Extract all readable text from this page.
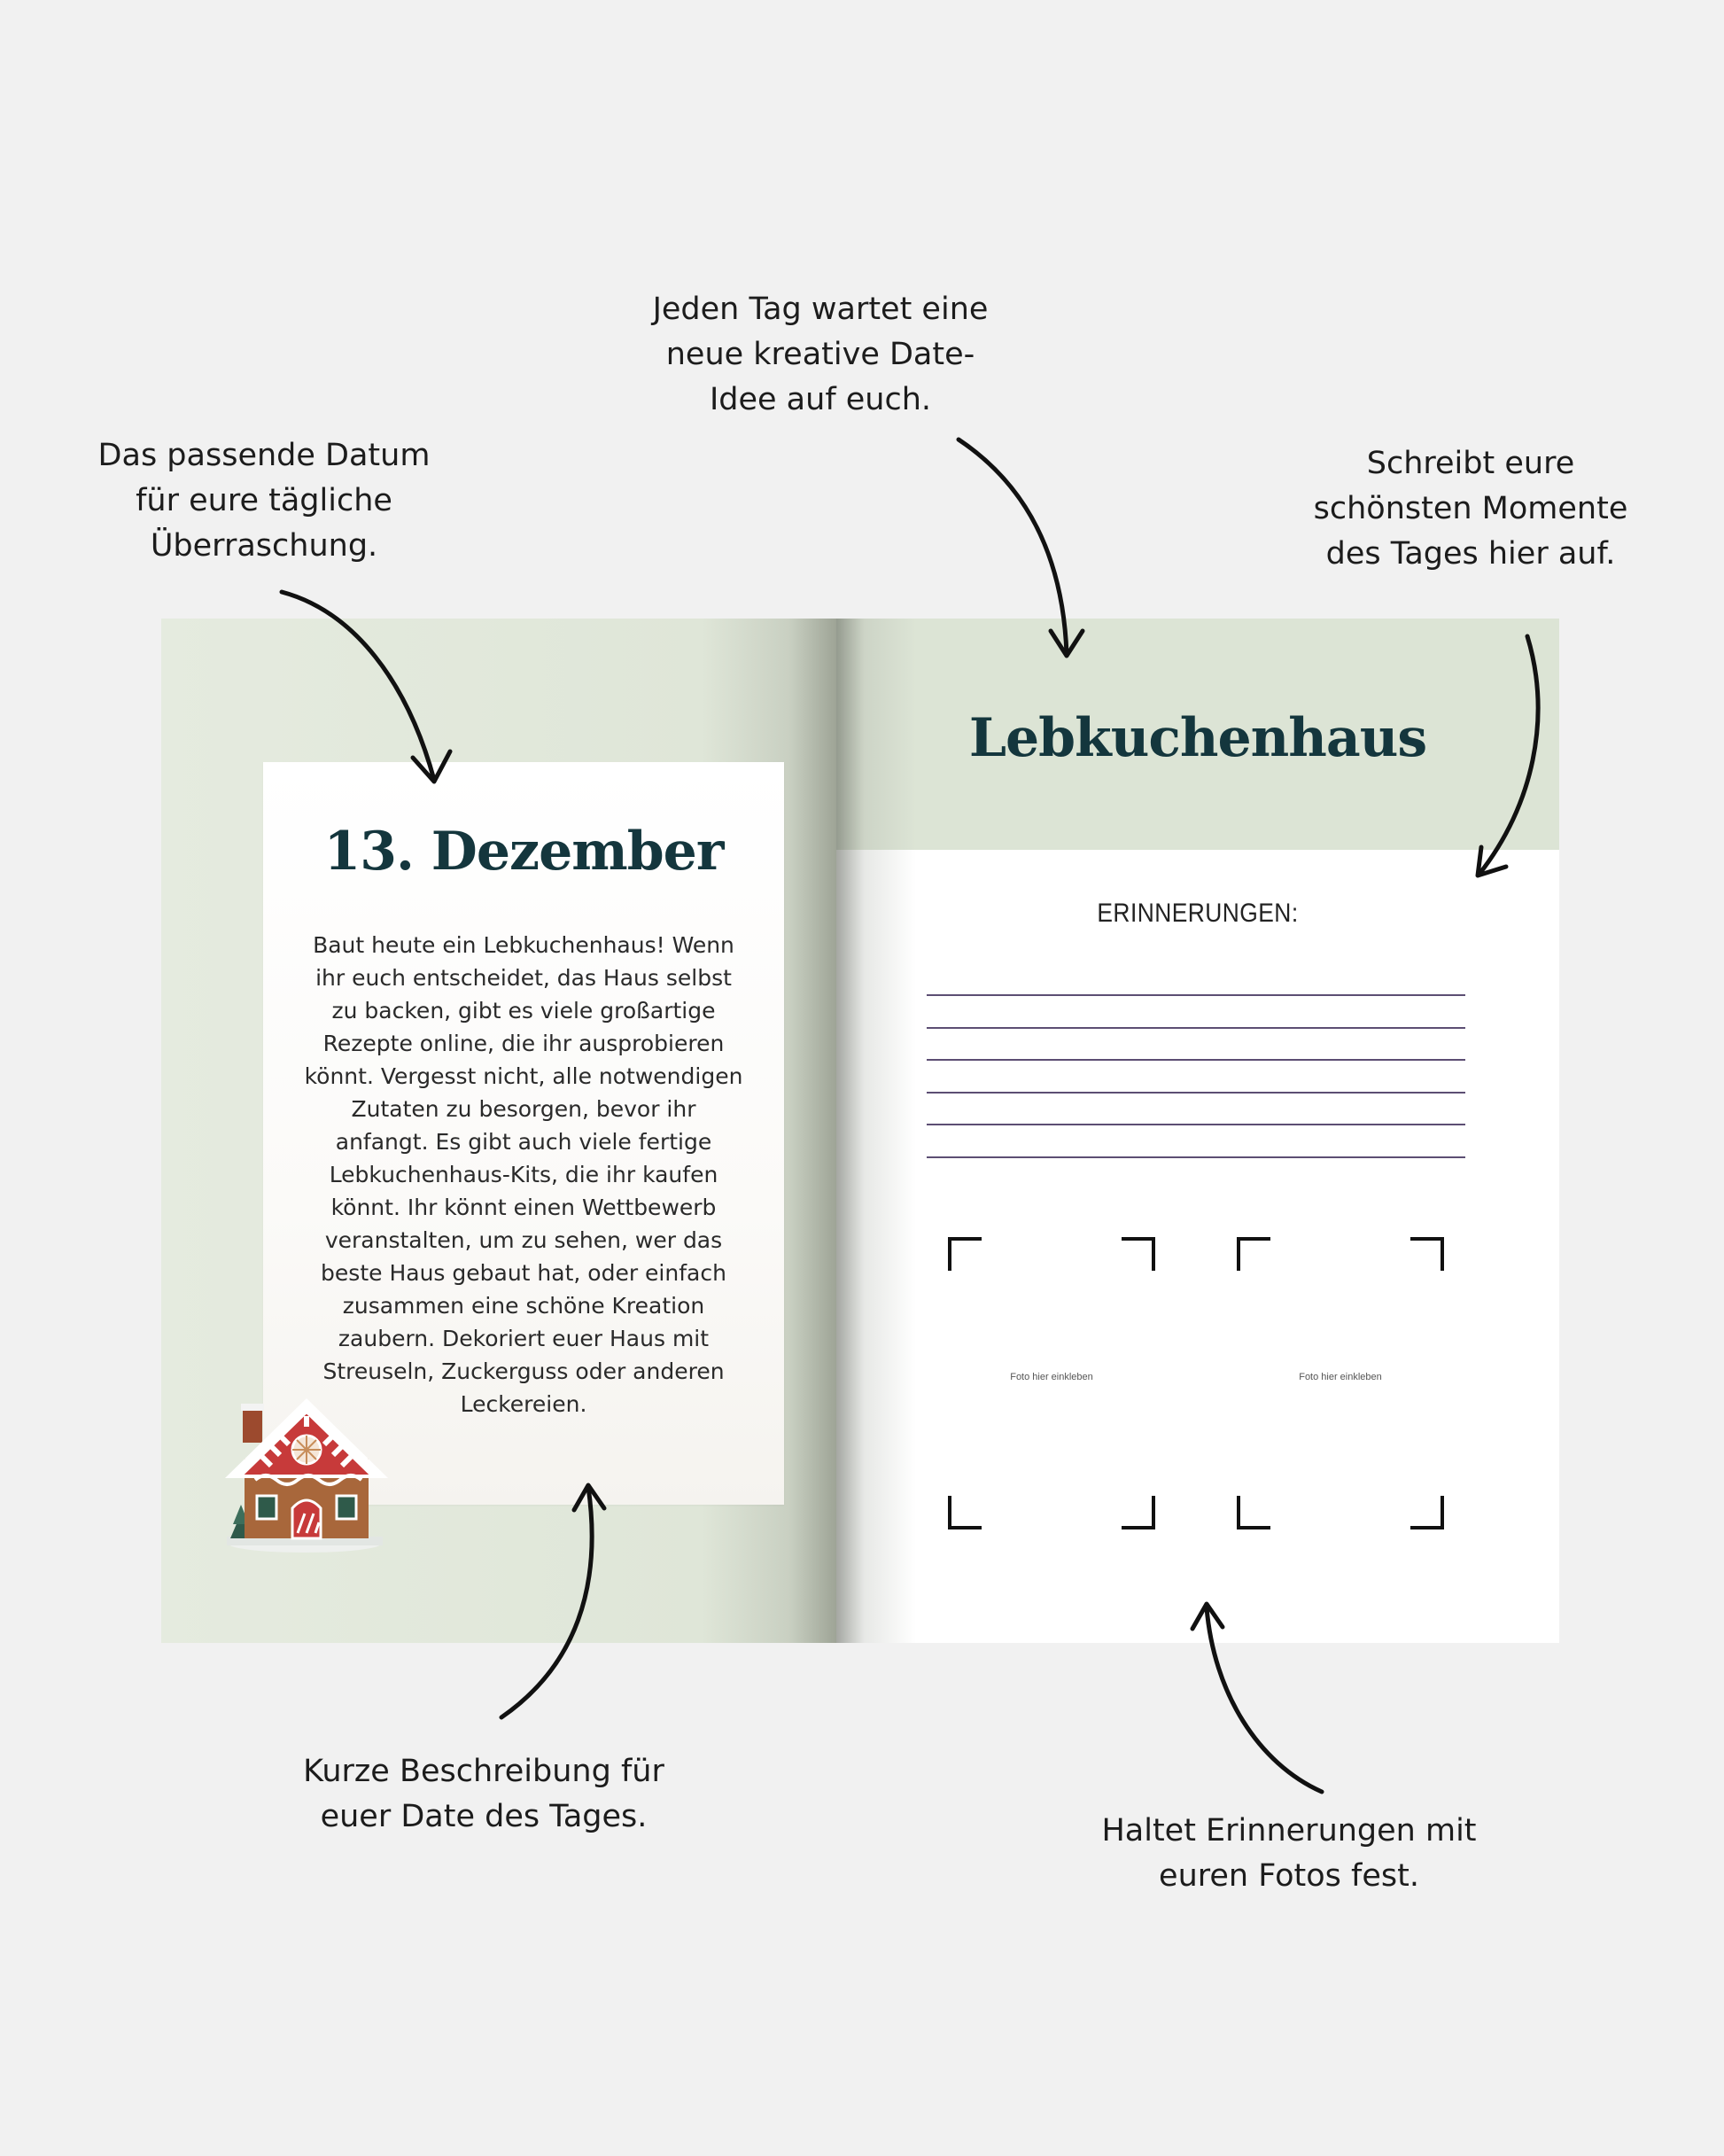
Das passende Datum
für eure tägliche
Überraschung.
Jeden Tag wartet eine
neue kreative Date-
Idee auf euch.
Schreibt eure
schönsten Momente
des Tages hier auf.
Kurze Beschreibung für
euer Date des Tages.	Haltet Erinnerungen mit
euren Fotos fest.
13. Dezember
Baut heute ein Lebkuchenhaus! Wenn ihr euch entscheidet, das Haus selbst zu backen, gibt es viele großartige Rezepte online, die ihr ausprobieren könnt. Vergesst nicht, alle notwendigen Zutaten zu besorgen, bevor ihr anfangt. Es gibt auch viele fertige Lebkuchenhaus-Kits, die ihr kaufen könnt. Ihr könnt einen Wettbewerb veranstalten, um zu sehen, wer das beste Haus gebaut hat, oder einfach zusammen eine schöne Kreation zaubern. Dekoriert euer Haus mit Streuseln, Zuckerguss oder anderen Leckereien.
Lebkuchenhaus
ERINNERUNGEN:
Foto hier einkleben	Foto hier einkleben
